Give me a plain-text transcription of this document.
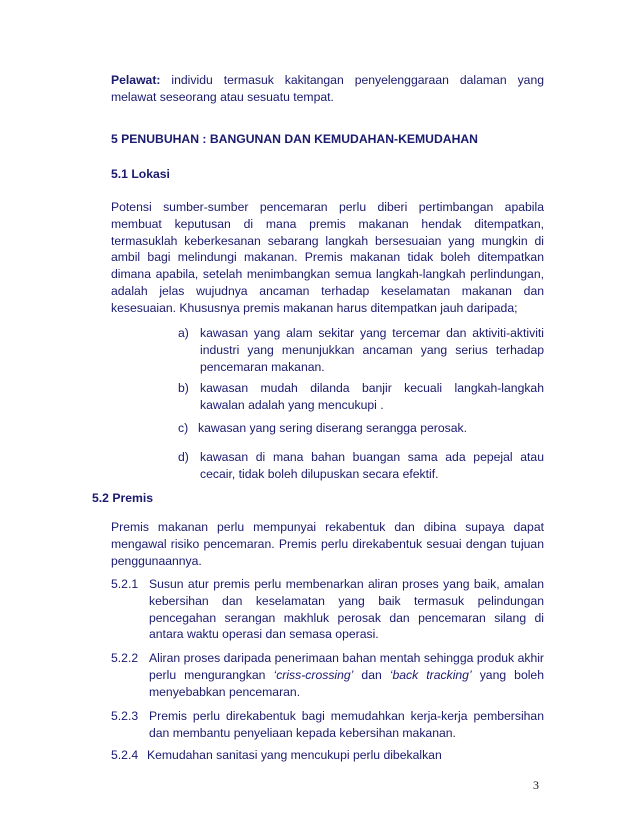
Pelawat: individu termasuk kakitangan penyelenggaraan dalaman yang melawat seseorang atau sesuatu tempat.

5 PENUBUHAN : BANGUNAN DAN KEMUDAHAN-KEMUDAHAN

5.1 Lokasi

Potensi sumber-sumber pencemaran perlu diberi pertimbangan apabila membuat keputusan di mana premis makanan hendak ditempatkan, termasuklah keberkesanan sebarang langkah bersesuaian yang mungkin di ambil bagi melindungi makanan. Premis makanan tidak boleh ditempatkan dimana apabila, setelah menimbangkan semua langkah-langkah perlindungan, adalah jelas wujudnya ancaman terhadap keselamatan makanan dan kesesuaian. Khususnya premis makanan harus ditempatkan jauh daripada;

a) kawasan yang alam sekitar yang tercemar dan aktiviti-aktiviti industri yang menunjukkan ancaman yang serius terhadap pencemaran makanan.
b) kawasan mudah dilanda banjir kecuali langkah-langkah kawalan adalah yang mencukupi .
c) kawasan yang sering diserang serangga perosak.
d) kawasan di mana bahan buangan sama ada pepejal atau cecair, tidak boleh dilupuskan secara efektif.

5.2 Premis

Premis makanan perlu mempunyai rekabentuk dan dibina supaya dapat mengawal risiko pencemaran. Premis perlu direkabentuk sesuai dengan tujuan penggunaannya.

5.2.1 Susun atur premis perlu membenarkan aliran proses yang baik, amalan kebersihan dan keselamatan yang baik termasuk pelindungan pencegahan serangan makhluk perosak dan pencemaran silang di antara waktu operasi dan semasa operasi.
5.2.2 Aliran proses daripada penerimaan bahan mentah sehingga produk akhir perlu mengurangkan ‘criss-crossing’ dan ‘back tracking’ yang boleh menyebabkan pencemaran.
5.2.3 Premis perlu direkabentuk bagi memudahkan kerja-kerja pembersihan dan membantu penyeliaan kepada kebersihan makanan.
5.2.4 Kemudahan sanitasi yang mencukupi perlu dibekalkan
3
